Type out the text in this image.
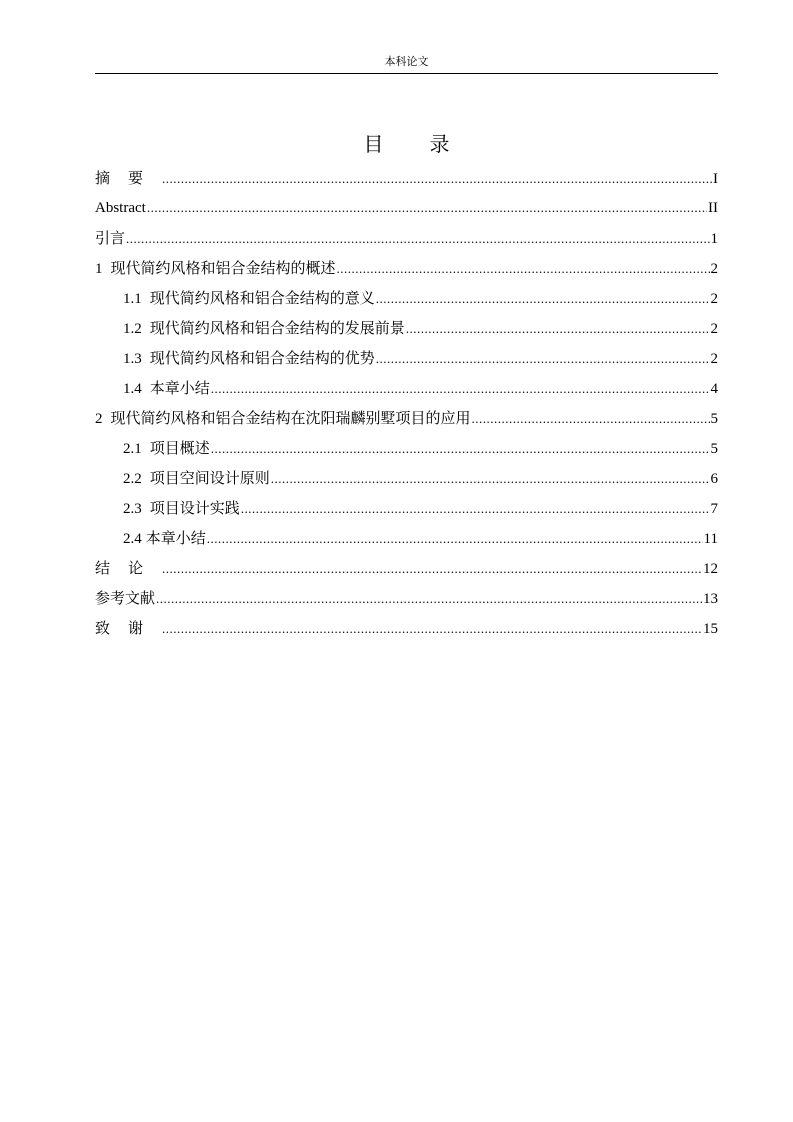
本科论文
目 录
摘要 .....	I
Abstract .....	II
引言 .....	1
1 现代简约风格和铝合金结构的概述 .....	2
1.1 现代简约风格和铝合金结构的意义 .....	2
1.2 现代简约风格和铝合金结构的发展前景 .....	2
1.3 现代简约风格和铝合金结构的优势 .....	2
1.4 本章小结 .....	4
2 现代简约风格和铝合金结构在沈阳瑞麟别墅项目的应用 .....	5
2.1 项目概述 .....	5
2.2 项目空间设计原则 .....	6
2.3 项目设计实践 .....	7
2.4 本章小结 .....	11
结论 .....	12
参考文献 .....	13
致谢 .....	15
